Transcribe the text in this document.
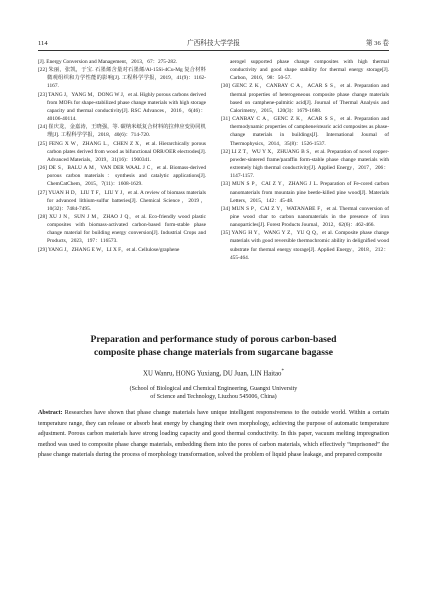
114	广西科技大学学报	第 36 卷
[J]. Energy Conversion and Management，2013，67：275-282.
[22] 朱丽，张凯，于宝. 石墨烯含量对石墨烯/Al-15Si-4Cu-Mg 复合材料微观组织和力学性能的影响[J]. 工程科学学报，2019，41(9)：1162-1167.
[23] TANG J，YANG M，DONG W J，et al. Highly porous carbons derived from MOFs for shape-stabilized phase change materials with high storage capacity and thermal conductivity[J]. RSC Advances，2016，6(46)：40106-40114.
[24] 崔庆龙，金嘉涛，王晓强，等. 碳纳米纸复合材料的拉伸应变协同机理[J]. 工程科学学报，2018，40(6)：714-720.
[25] FENG X W，ZHANG L，CHEN Z X，et al. Hierarchically porous carbon plates derived from wood as bifunctional ORR/OER electrodes[J]. Advanced Materials，2019，31(16)：1900341.
[26] DE S，BALU A M，VAN DER WAAL J C，et al. Biomass-derived porous carbon materials：synthesis and catalytic applications[J]. ChemCatChem，2015，7(11)：1608-1629.
[27] YUAN H D，LIU T F，LIU Y J，et al. A review of biomass materials for advanced lithium-sulfur batteries[J]. Chemical Science，2019，10(32)：7484-7495.
[28] XU J N，SUN J M，ZHAO J Q，et al. Eco-friendly wood plastic composites with biomass-activated carbon-based form-stable phase change material for building energy conversion[J]. Industrial Crops and Products，2023，197：116573.
[29] YANG J，ZHANG E W，LI X F，et al. Cellulose/graphene
aerogel supported phase change composites with high thermal conductivity and good shape stability for thermal energy storage[J]. Carbon，2016，98：50-57.
[30] GENC Z K，CANBAY C A，ACAR S S，et al. Preparation and thermal properties of heterogeneous composite phase change materials based on camphene-palmitic acid[J]. Journal of Thermal Analysis and Calorimetry，2015，120(3)：1679-1688.
[31] CANBAY C A，GENC Z K，ACAR S S，et al. Preparation and thermodynamic properties of camphene/stearic acid composites as phase-change materials in buildings[J]. International Journal of Thermophysics，2014，35(8)：1526-1537.
[32] LI Z T，WU Y X，ZHUANG B S，et al. Preparation of novel copper-powder-sintered frame/paraffin form-stable phase change materials with extremely high thermal conductivity[J]. Applied Energy，2017，206：1147-1157.
[33] MUN S P，CAI Z Y，ZHANG J L. Preparation of Fe-cored carbon nanomaterials from mountain pine beetle-killed pine wood[J]. Materials Letters，2015，142：45-48.
[34] MUN S P，CAI Z Y，WATANABE F，et al. Thermal conversion of pine wood char to carbon nanomaterials in the presence of iron nanoparticles[J]. Forest Products Journal，2012，62(6)：462-466.
[35] YANG H Y，WANG Y Z，YU Q Q，et al. Composite phase change materials with good reversible thermochromic ability in delignified wood substrate for thermal energy storage[J]. Applied Energy，2018，212：455-464.
Preparation and performance study of porous carbon-based
composite phase change materials from sugarcane bagasse
XU Wanru, HONG Yuxiang, DU Juan, LIN Haitao*
(School of Biological and Chemical Engineering, Guangxi University
of Science and Technology, Liuzhou 545006, China)
Abstract: Researches have shown that phase change materials have unique intelligent responsiveness to the outside world. Within a certain temperature range, they can release or absorb heat energy by changing their own morphology, achieving the purpose of automatic temperature adjustment. Porous carbon materials have strong loading capacity and good thermal conductivity. In this paper, vacuum melting impregnation method was used to composite phase change materials, embedding them into the pores of carbon materials, which effectively “imprisoned” the phase change materials during the process of morphology transformation, solved the problem of liquid phase leakage, and prepared composite
